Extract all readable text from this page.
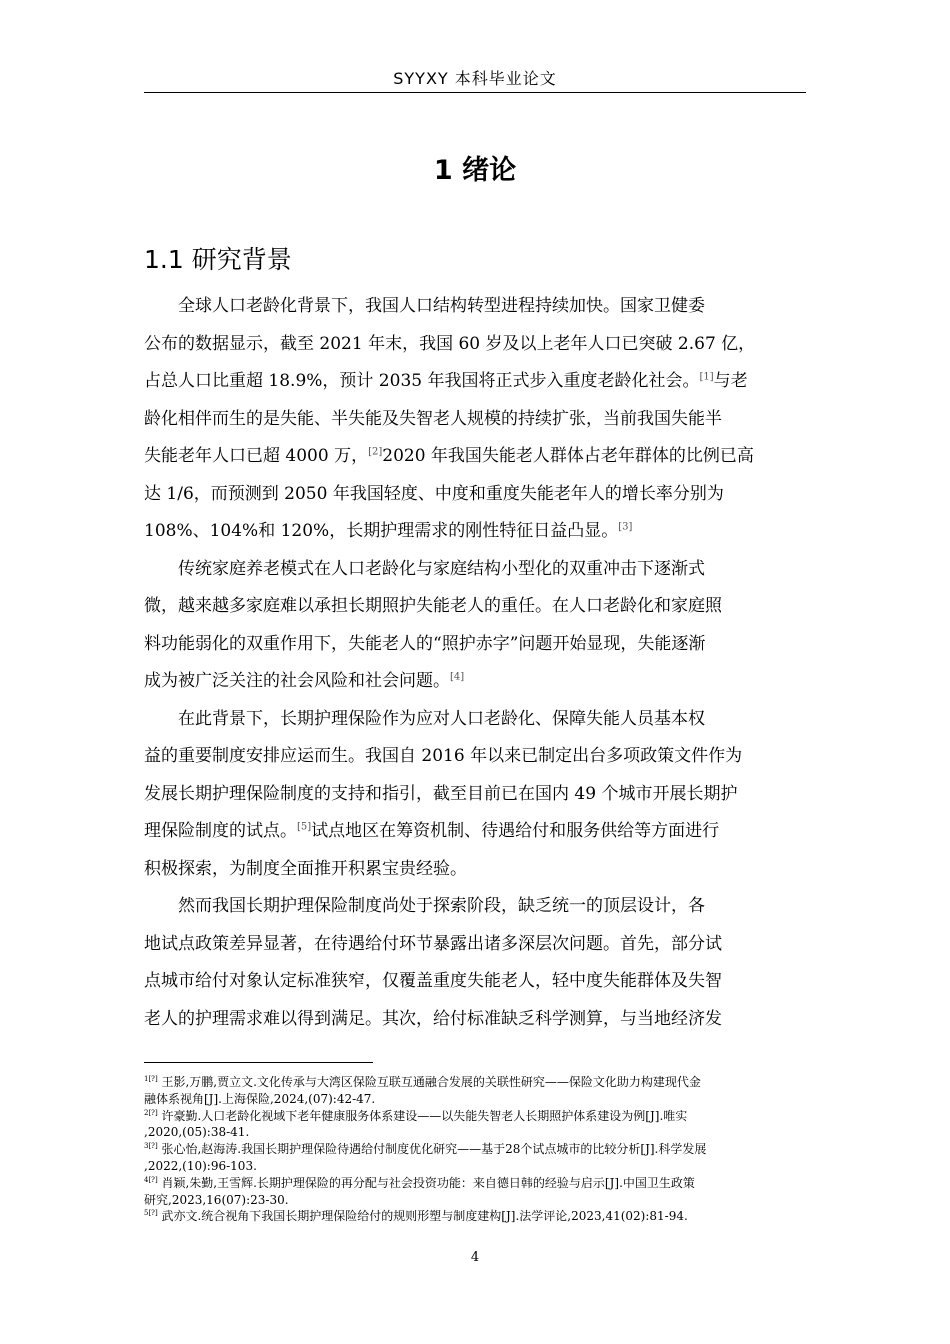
SYYXY 本科毕业论文
1 绪论
1.1 研究背景

全球人口老龄化背景下，我国人口结构转型进程持续加快。国家卫健委
公布的数据显示，截至 2021 年末，我国 60 岁及以上老年人口已突破 2.67 亿，
占总人口比重超 18.9%，预计 2035 年我国将正式步入重度老龄化社会。[1]与老
龄化相伴而生的是失能、半失能及失智老人规模的持续扩张，当前我国失能半
失能老年人口已超 4000 万，[2]2020 年我国失能老人群体占老年群体的比例已高
达 1/6，而预测到 2050 年我国轻度、中度和重度失能老年人的增长率分别为
108%、104%和 120%，长期护理需求的刚性特征日益凸显。[3]

传统家庭养老模式在人口老龄化与家庭结构小型化的双重冲击下逐渐式
微，越来越多家庭难以承担长期照护失能老人的重任。在人口老龄化和家庭照
料功能弱化的双重作用下，失能老人的“照护赤字”问题开始显现，失能逐渐
成为被广泛关注的社会风险和社会问题。[4]

在此背景下，长期护理保险作为应对人口老龄化、保障失能人员基本权
益的重要制度安排应运而生。我国自 2016 年以来已制定出台多项政策文件作为
发展长期护理保险制度的支持和指引，截至目前已在国内 49 个城市开展长期护
理保险制度的试点。[5]试点地区在筹资机制、待遇给付和服务供给等方面进行
积极探索，为制度全面推开积累宝贵经验。

然而我国长期护理保险制度尚处于探索阶段，缺乏统一的顶层设计，各
地试点政策差异显著，在待遇给付环节暴露出诸多深层次问题。首先，部分试
点城市给付对象认定标准狭窄，仅覆盖重度失能老人，轻中度失能群体及失智
老人的护理需求难以得到满足。其次，给付标准缺乏科学测算，与当地经济发

$^{1[?]}$ 王影,万鹏,贾立文.文化传承与大湾区保险互联互通融合发展的关联性研究——保险文化助力构建现代金
融体系视角[J].上海保险,2024,(07):42-47.

$^{2[?]}$ 许豪勤.人口老龄化视域下老年健康服务体系建设——以失能失智老人长期照护体系建设为例[J].唯实
,2020,(05):38-41.

$^{3[?]}$ 张心怡,赵海涛.我国长期护理保险待遇给付制度优化研究——基于28个试点城市的比较分析[J].科学发展
,2022,(10):96-103.

$^{4[?]}$ 肖颖,朱勤,王雪辉.长期护理保险的再分配与社会投资功能：来自德日韩的经验与启示[J].中国卫生政策
研究,2023,16(07):23-30.

$^{5[?]}$ 武亦文.统合视角下我国长期护理保险给付的规则形塑与制度建构[J].法学评论,2023,41(02):81-94.

4
